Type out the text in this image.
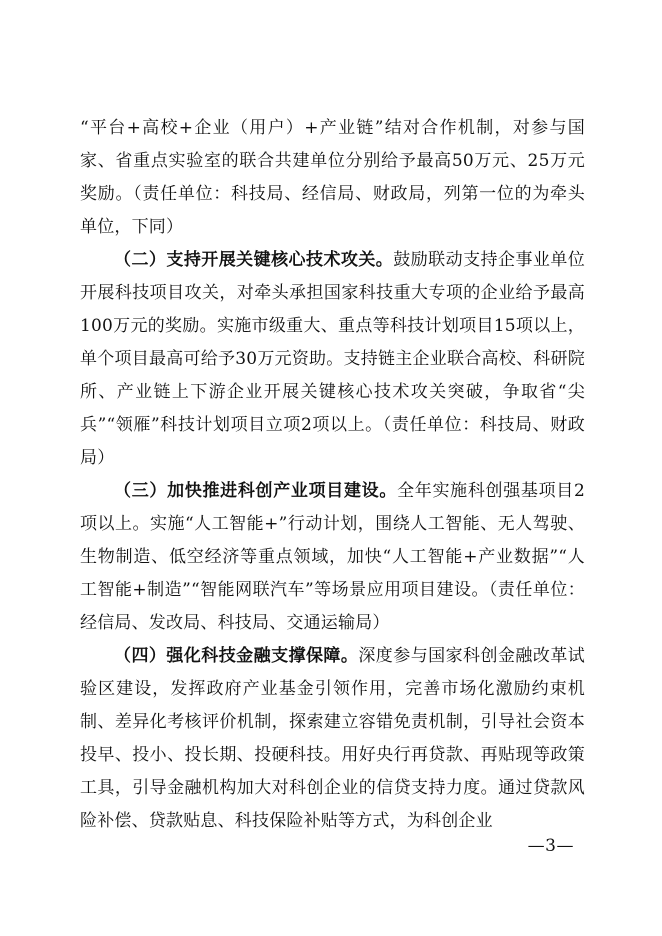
“平台+高校+企业（用户）+产业链”结对合作机制，对参与国家、省重点实验室的联合共建单位分别给予最高50万元、25万元奖励。（责任单位：科技局、经信局、财政局，列第一位的为牵头单位，下同）

（二）支持开展关键核心技术攻关。鼓励联动支持企事业单位开展科技项目攻关，对牵头承担国家科技重大专项的企业给予最高100万元的奖励。实施市级重大、重点等科技计划项目15项以上，单个项目最高可给予30万元资助。支持链主企业联合高校、科研院所、产业链上下游企业开展关键核心技术攻关突破，争取省“尖兵”“领雁”科技计划项目立项2项以上。（责任单位：科技局、财政局）

（三）加快推进科创产业项目建设。全年实施科创强基项目2项以上。实施“人工智能+”行动计划，围绕人工智能、无人驾驶、生物制造、低空经济等重点领域，加快“人工智能+产业数据”“人工智能+制造”“智能网联汽车”等场景应用项目建设。（责任单位：经信局、发改局、科技局、交通运输局）

（四）强化科技金融支撑保障。深度参与国家科创金融改革试验区建设，发挥政府产业基金引领作用，完善市场化激励约束机制、差异化考核评价机制，探索建立容错免责机制，引导社会资本投早、投小、投长期、投硬科技。用好央行再贷款、再贴现等政策工具，引导金融机构加大对科创企业的信贷支持力度。通过贷款风险补偿、贷款贴息、科技保险补贴等方式，为科创企业

—3—
